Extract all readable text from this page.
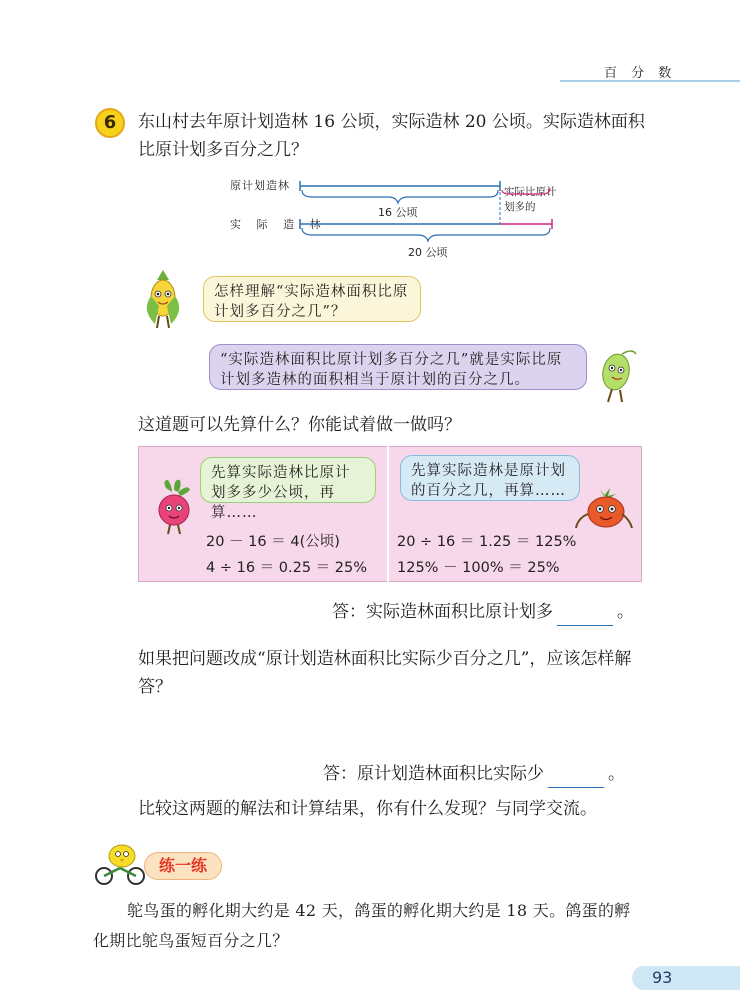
百 分 数
6	东山村去年原计划造林 16 公顷，实际造林 20 公顷。实际造林面积比原计划多百分之几？
原计划造林
实 际 造 林
16 公顷
20 公顷
实际比原计划多的
怎样理解“实际造林面积比原计划多百分之几”？
“实际造林面积比原计划多百分之几”就是实际比原计划多造林的面积相当于原计划的百分之几。
这道题可以先算什么？你能试着做一做吗？
先算实际造林比原计划多多少公顷，再算……
先算实际造林是原计划的百分之几，再算……
20 － 16 ＝ 4(公顷)
4 ÷ 16 ＝ 0.25 ＝ 25%
20 ÷ 16 ＝ 1.25 ＝ 125%
125% － 100% ＝ 25%
答：实际造林面积比原计划多	。
如果把问题改成“原计划造林面积比实际少百分之几”，应该怎样解答？
答：原计划造林面积比实际少	。
比较这两题的解法和计算结果，你有什么发现？与同学交流。
练一练
鸵鸟蛋的孵化期大约是 42 天，鸽蛋的孵化期大约是 18 天。鸽蛋的孵化期比鸵鸟蛋短百分之几？
93
